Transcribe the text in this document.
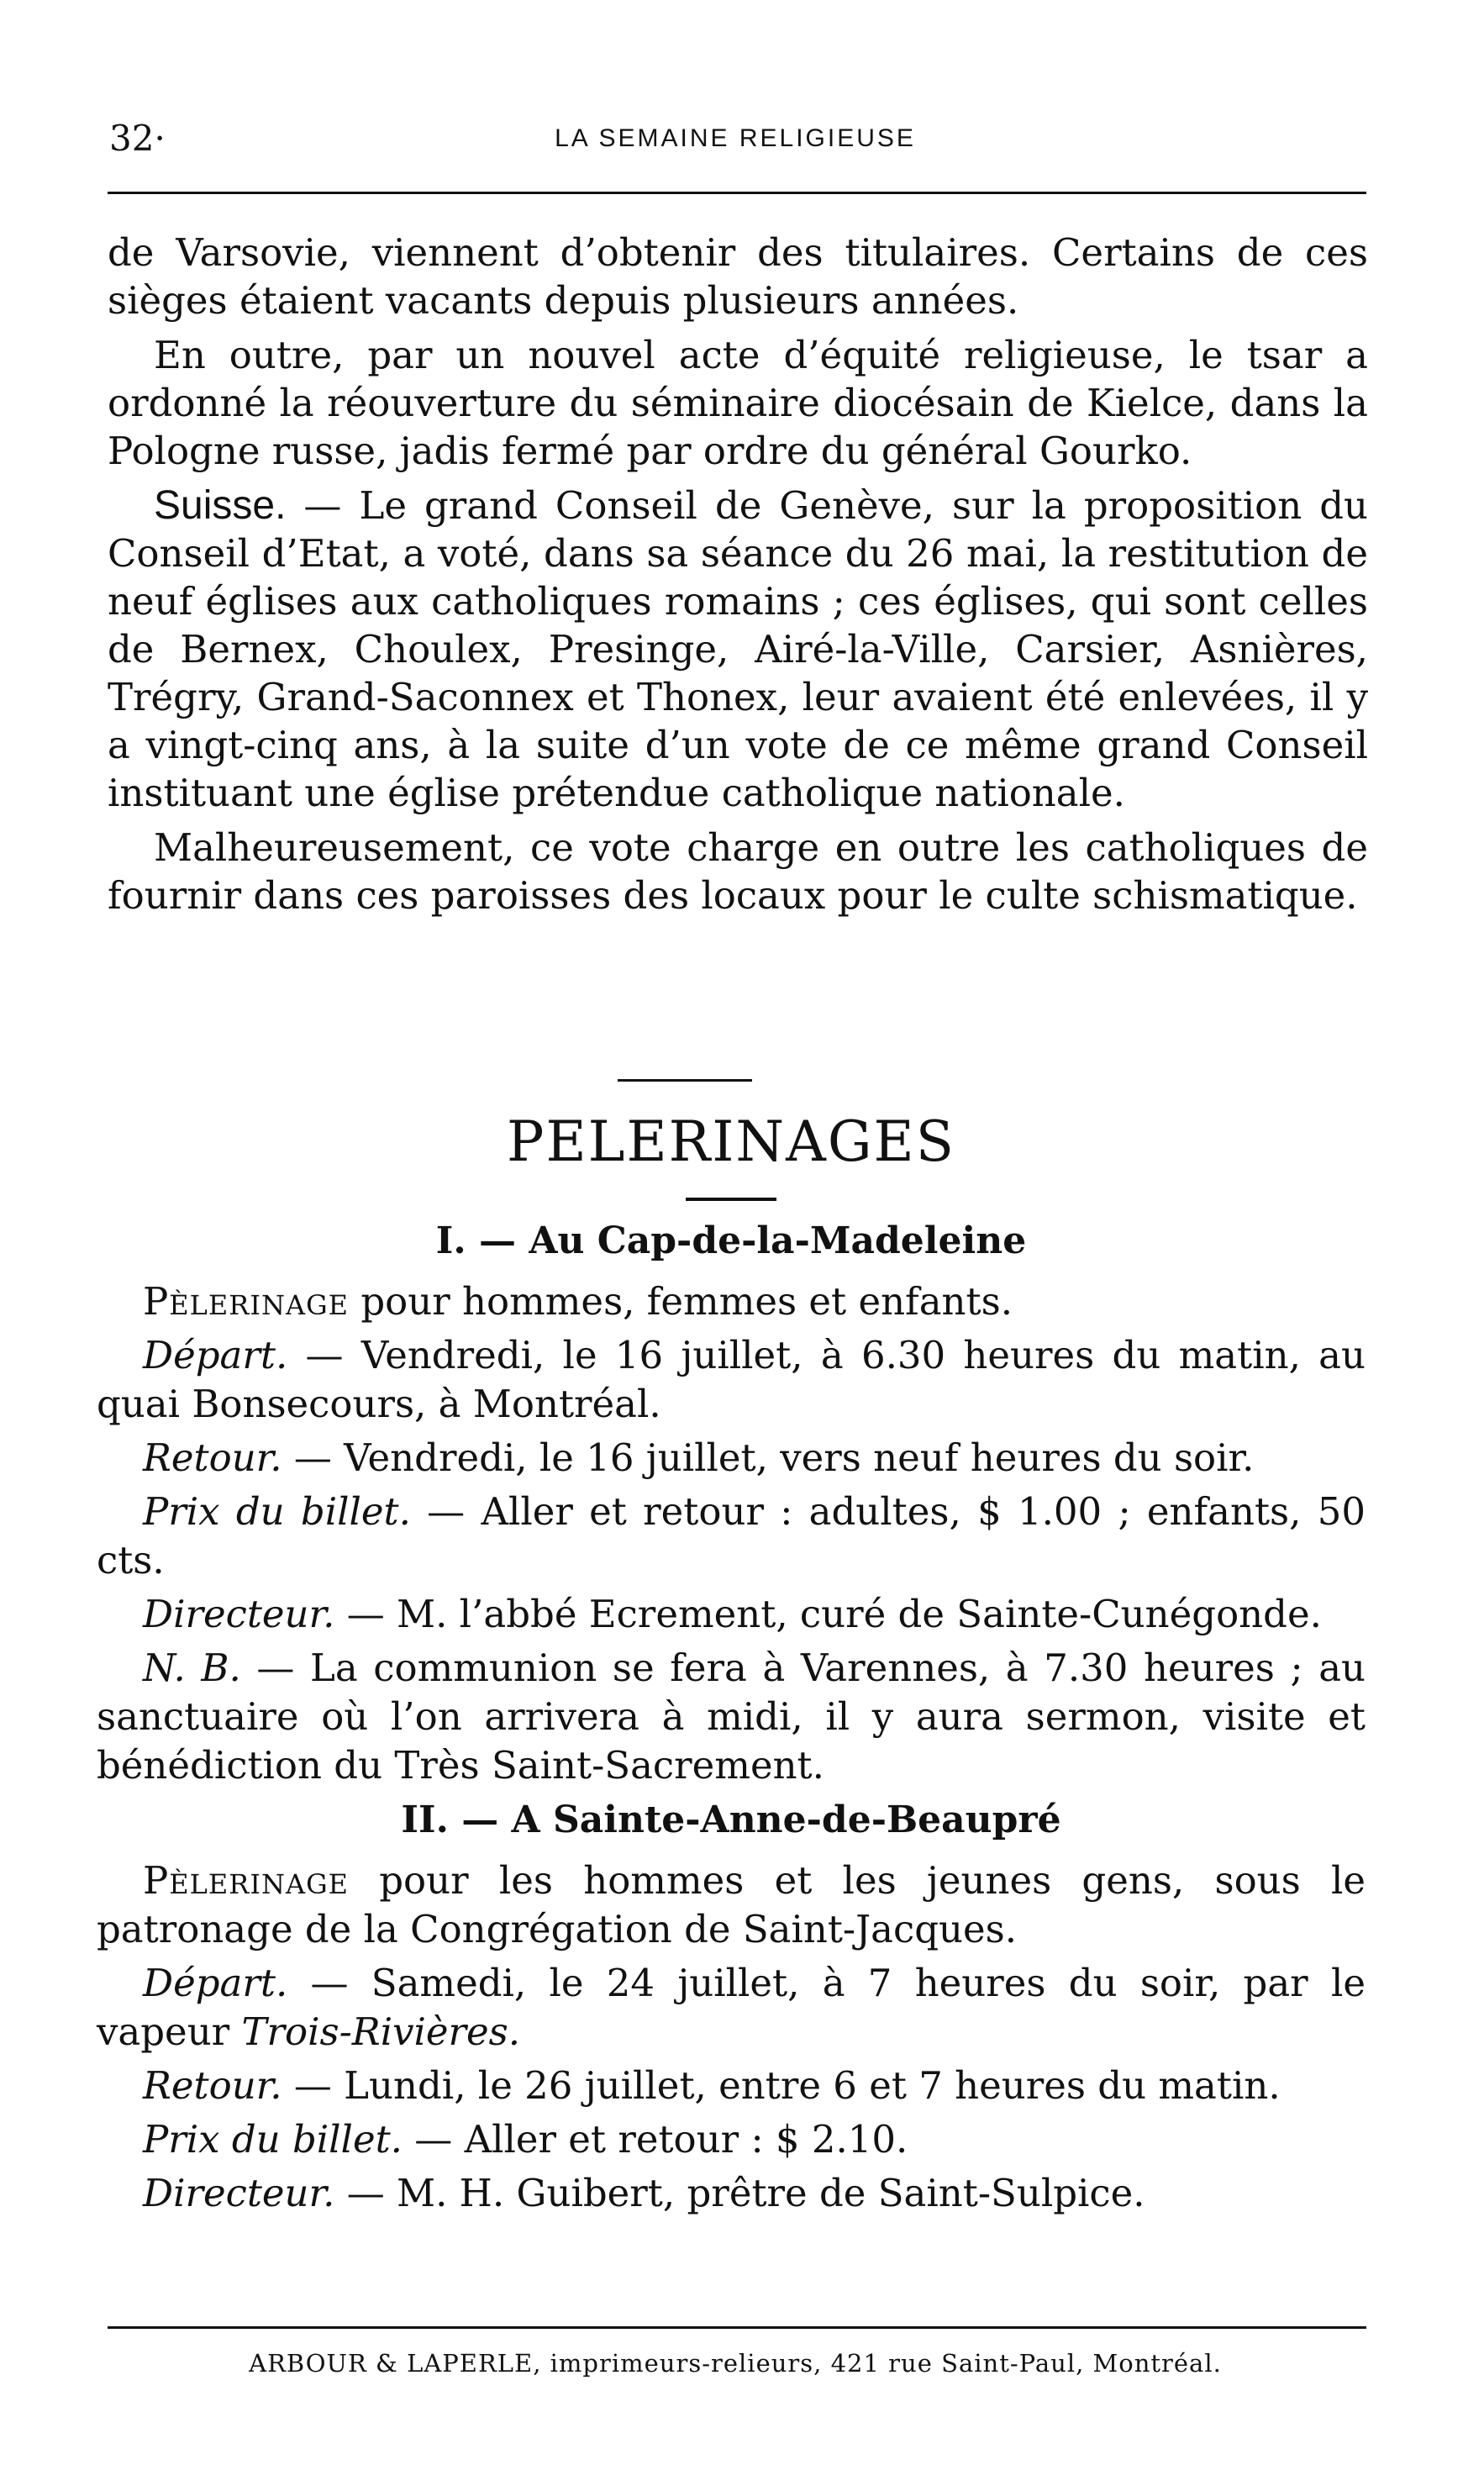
32·	LA SEMAINE RELIGIEUSE

de Varsovie, viennent d’obtenir des titulaires. Certains de ces sièges étaient vacants depuis plusieurs années.

En outre, par un nouvel acte d’équité religieuse, le tsar a ordonné la réouverture du séminaire diocésain de Kielce, dans la Pologne russe, jadis fermé par ordre du général Gourko.

Suisse. — Le grand Conseil de Genève, sur la proposition du Conseil d’Etat, a voté, dans sa séance du 26 mai, la restitution de neuf églises aux catholiques romains ; ces églises, qui sont celles de Bernex, Choulex, Presinge, Airé-la-Ville, Carsier, Asnières, Trégry, Grand-Saconnex et Thonex, leur avaient été enlevées, il y a vingt-cinq ans, à la suite d’un vote de ce même grand Conseil instituant une église prétendue catholique nationale.

Malheureusement, ce vote charge en outre les catholiques de fournir dans ces paroisses des locaux pour le culte schismatique.

PELERINAGES
I. — Au Cap-de-la-Madeleine

Pèlerinage pour hommes, femmes et enfants.

Départ. — Vendredi, le 16 juillet, à 6.30 heures du matin, au quai Bonsecours, à Montréal.

Retour. — Vendredi, le 16 juillet, vers neuf heures du soir.

Prix du billet. — Aller et retour : adultes, $ 1.00 ; enfants, 50 cts.

Directeur. — M. l’abbé Ecrement, curé de Sainte-Cunégonde.

N. B. — La communion se fera à Varennes, à 7.30 heures ; au sanctuaire où l’on arrivera à midi, il y aura sermon, visite et bénédiction du Très Saint-Sacrement.

II. — A Sainte-Anne-de-Beaupré

Pèlerinage pour les hommes et les jeunes gens, sous le patronage de la Congrégation de Saint-Jacques.

Départ. — Samedi, le 24 juillet, à 7 heures du soir, par le vapeur Trois-Rivières.

Retour. — Lundi, le 26 juillet, entre 6 et 7 heures du matin.

Prix du billet. — Aller et retour : $ 2.10.

Directeur. — M. H. Guibert, prêtre de Saint-Sulpice.

ARBOUR & LAPERLE, imprimeurs-relieurs, 421 rue Saint-Paul, Montréal.
